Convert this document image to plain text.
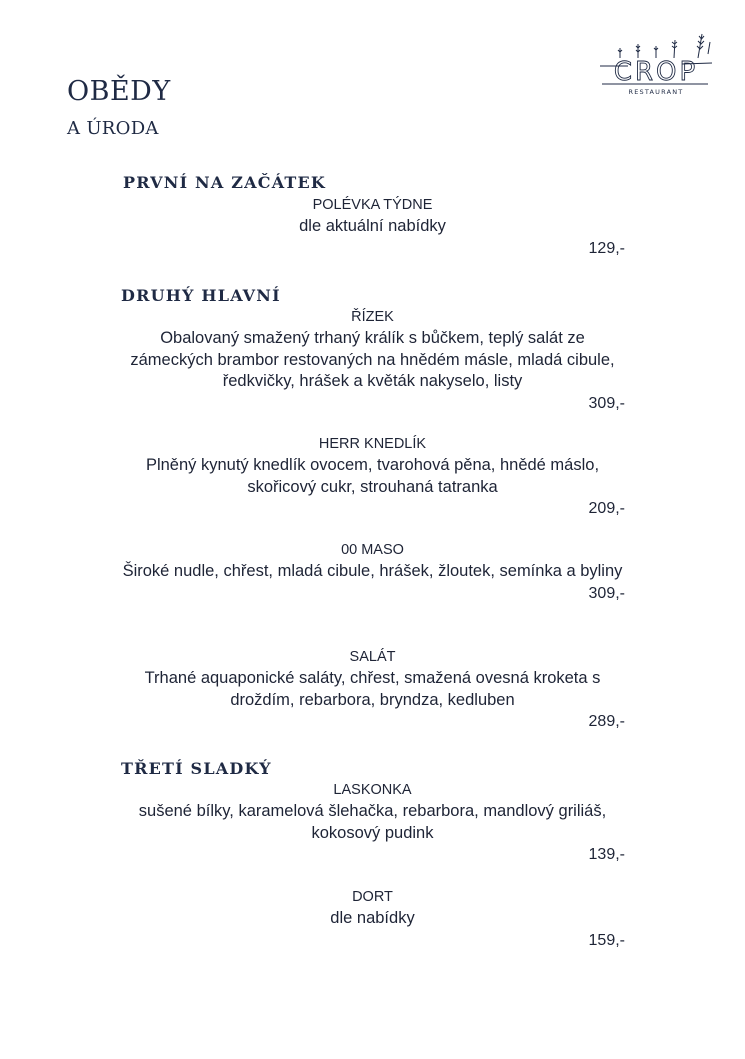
OBĚDY
A ÚRODA
CROP
RESTAURANT
PRVNÍ NA ZAČÁTEK
POLÉVKA TÝDNE
dle aktuální nabídky
129,-
DRUHÝ HLAVNÍ
ŘÍZEK
Obalovaný smažený trhaný králík s bůčkem, teplý salát ze zámeckých brambor restovaných na hnědém másle, mladá cibule, ředkvičky, hrášek a květák nakyselo, listy
309,-
HERR KNEDLÍK
Plněný kynutý knedlík ovocem, tvarohová pěna, hnědé máslo, skořicový cukr, strouhaná tatranka
209,-
00 MASO
Široké nudle, chřest, mladá cibule, hrášek, žloutek, semínka a byliny
309,-
SALÁT
Trhané aquaponické saláty, chřest, smažená ovesná kroketa s droždím, rebarbora, bryndza, kedluben
289,-
TŘETÍ SLADKÝ
LASKONKA
sušené bílky, karamelová šlehačka, rebarbora, mandlový griliáš, kokosový pudink
139,-
DORT
dle nabídky
159,-
